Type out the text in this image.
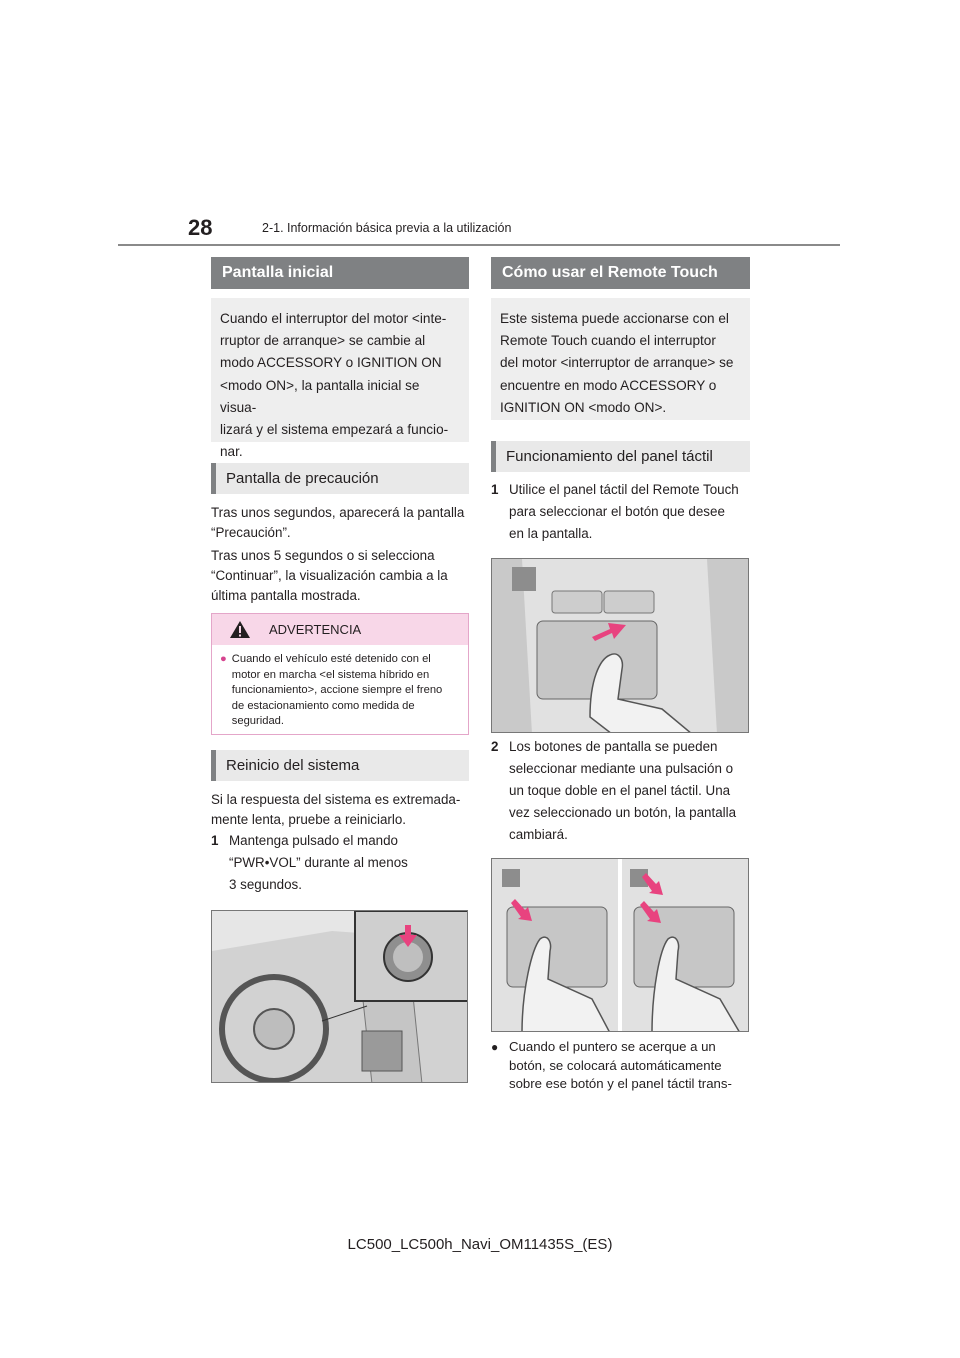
28	2-1. Información básica previa a la utilización
Pantalla inicial
Cuando el interruptor del motor <inte-
rruptor de arranque> se cambie al
modo ACCESSORY o IGNITION ON
<modo ON>, la pantalla inicial se visua-
lizará y el sistema empezará a funcio-
nar.
Pantalla de precaución
Tras unos segundos, aparecerá la pantalla
“Precaución”.
Tras unos 5 segundos o si selecciona
“Continuar”, la visualización cambia a la
última pantalla mostrada.
ADVERTENCIA
● Cuando el vehículo esté detenido con el
motor en marcha <el sistema híbrido en
funcionamiento>, accione siempre el freno
de estacionamiento como medida de
seguridad.
Reinicio del sistema
Si la respuesta del sistema es extremada-
mente lenta, pruebe a reiniciarlo.
1 Mantenga pulsado el mando
“PWR•VOL” durante al menos
3 segundos.
Cómo usar el Remote Touch
Este sistema puede accionarse con el
Remote Touch cuando el interruptor
del motor <interruptor de arranque> se
encuentre en modo ACCESSORY o
IGNITION ON <modo ON>.
Funcionamiento del panel táctil
1 Utilice el panel táctil del Remote Touch
para seleccionar el botón que desee
en la pantalla.
2 Los botones de pantalla se pueden
seleccionar mediante una pulsación o
un toque doble en el panel táctil. Una
vez seleccionado un botón, la pantalla
cambiará.
● Cuando el puntero se acerque a un
botón, se colocará automáticamente
sobre ese botón y el panel táctil trans-
LC500_LC500h_Navi_OM11435S_(ES)
